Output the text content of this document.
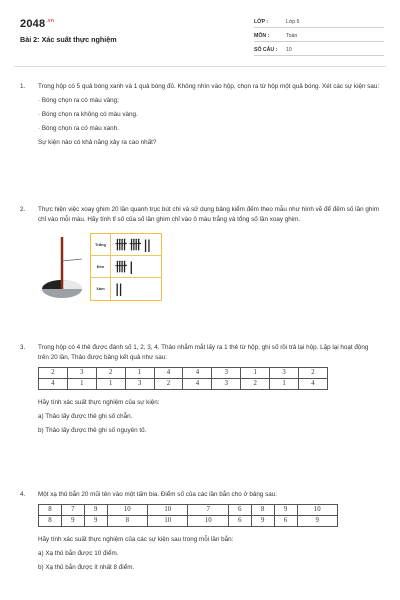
$2048^{.vn}$
Bài 2: Xác suất thực nghiệm
LỚP :	Lớp 6
MÔN :	Toán
SỐ CÂU :	10
1.	Trong hộp có 5 quả bóng xanh và 1 quả bóng đỏ. Không nhìn vào hộp, chọn ra từ hộp một quả bóng. Xét các sự kiện sau:

· Bóng chọn ra có màu vàng;

· Bóng chọn ra không có màu vàng.

· Bóng chọn ra có màu xanh.

Sự kiện nào có khả năng xảy ra cao nhất?

2.	Thực hiện việc xoay ghim 20 lần quanh trục bút chì và sử dụng bảng kiểm đếm theo mẫu như hình vẽ để đếm số lần ghim chỉ vào mỗi màu. Hãy tính tỉ số của số lần ghim chỉ vào ô màu trắng và tổng số lần xoay ghim.

Trắng 卌 卌 ||
Đen 卌 |
Xám ||
3.	Trong hộp có 4 thẻ được đánh số 1, 2, 3, 4. Thảo nhắm mắt lấy ra 1 thẻ từ hộp, ghi số rồi trả lại hộp. Lặp lại hoạt động trên 20 lần, Thảo được bảng kết quả như sau:

2	3	2	1	4	4	3	1	3	2
4	1	1	3	2	4	3	2	1	4

Hãy tính xác suất thực nghiệm của sự kiện:

a) Thảo lấy được thẻ ghi số chẵn.

b) Thảo lấy được thẻ ghi số nguyên tố.

4.	Một xạ thủ bắn 20 mũi tên vào một tấm bia. Điểm số của các lần bắn cho ở bảng sau:

8	7	9	10	10	7	6	8	9	10
8	9	9	8	10	10	6	9	6	9

Hãy tính xác suất thực nghiệm của các sự kiện sau trong mỗi lần bắn:

a) Xạ thủ bắn được 10 điểm.

b) Xạ thủ bắn được ít nhất 8 điểm.
